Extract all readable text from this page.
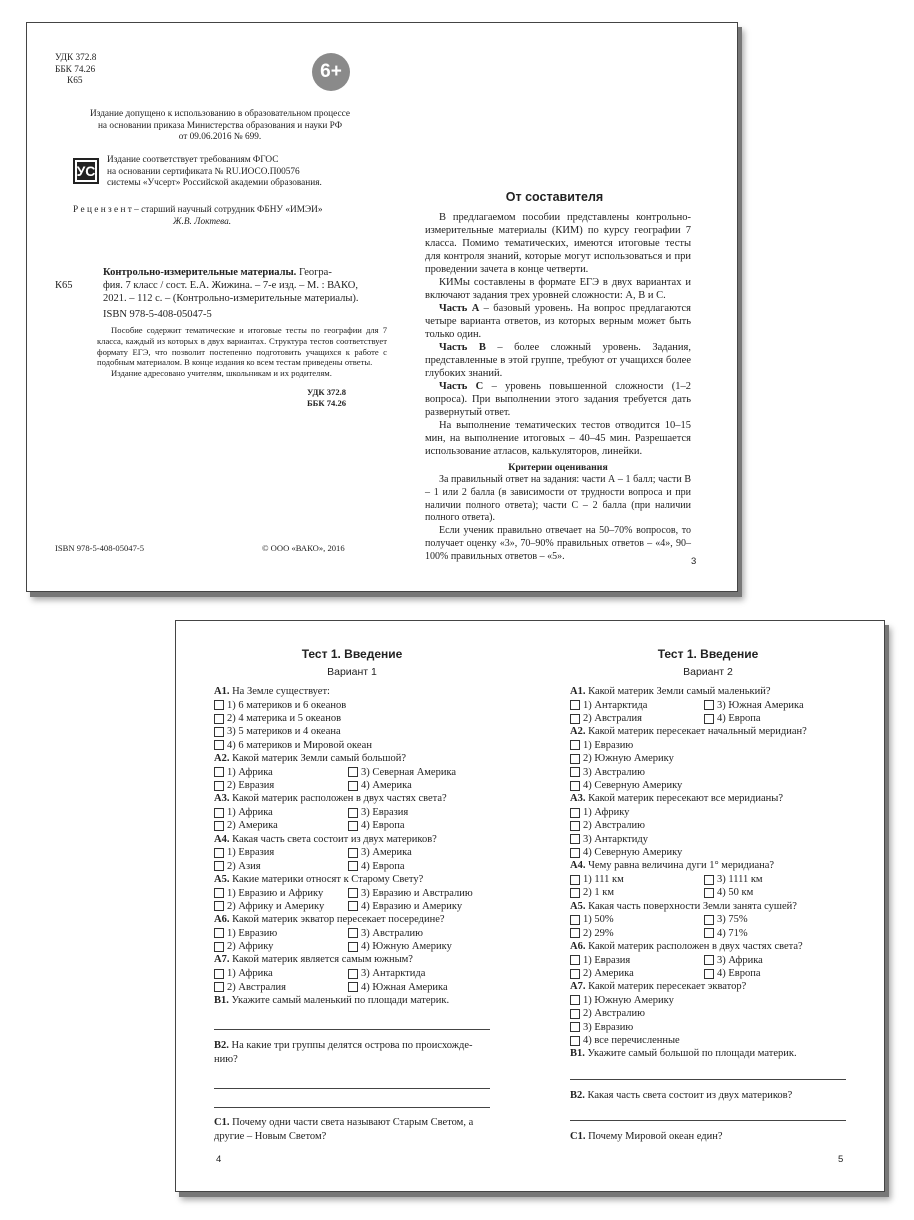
УДК 372.8
ББК 74.26
К65	6+
Издание допущено к использованию в образовательном процессе
на основании приказа Министерства образования и науки РФ
от 09.06.2016 № 699.
УС
Издание соответствует требованиям ФГОС
на основании сертификата № RU.ИОСО.П00576
системы «Учсерт» Российской академии образования.
Р е ц е н з е н т – старший научный сотрудник ФБНУ «ИМЭИ»
Ж.В. Локтева.
Контрольно-измерительные материалы. Геогра-
К65	фия. 7 класс / сост. Е.А. Жижина. – 7-е изд. – М. : ВАКО,
2021. – 112 с. – (Контрольно-измерительные материалы).
ISBN 978-5-408-05047-5

Пособие содержит тематические и итоговые тесты по географии для 7 класса, каждый из которых в двух вариантах. Структура тестов соответствует формату ЕГЭ, что позволит постепенно подготовить учащихся к работе с подобным материалом. В конце издания ко всем тестам приведены ответы.

Издание адресовано учителям, школьникам и их родителям.

УДК 372.8
ББК 74.26
ISBN 978-5-408-05047-5	© ООО «ВАКО», 2016
От составителя

В предлагаемом пособии представлены контрольно-измерительные материалы (КИМ) по курсу географии 7 класса. Помимо тематических, имеются итоговые тесты для контроля знаний, которые могут использоваться и при проведении зачета в конце четверти.

КИМы составлены в формате ЕГЭ в двух вариантах и включают задания трех уровней сложности: А, В и С.

Часть А – базовый уровень. На вопрос предлагаются четыре варианта ответов, из которых верным может быть только один.

Часть В – более сложный уровень. Задания, представленные в этой группе, требуют от учащихся более глубоких знаний.

Часть С – уровень повышенной сложности (1–2 вопроса). При выполнении этого задания требуется дать развернутый ответ.

На выполнение тематических тестов отводится 10–15 мин, на выполнение итоговых – 40–45 мин. Разрешается использование атласов, калькуляторов, линейки.

Критерии оценивания

За правильный ответ на задания: части А – 1 балл; части В – 1 или 2 балла (в зависимости от трудности вопроса и при наличии полного ответа); части С – 2 балла (при наличии полного ответа).

Если ученик правильно отвечает на 50–70% вопросов, то получает оценку «3», 70–90% правильных ответов – «4», 90–100% правильных ответов – «5».	3
Тест 1. Введение
Вариант 1
А1. На Земле существует:
1) 6 материков и 6 океанов
2) 4 материка и 5 океанов
3) 5 материков и 4 океана
4) 6 материков и Мировой океан
А2. Какой материк Земли самый большой?
1) Африка	3) Северная Америка
2) Евразия	4) Америка
А3. Какой материк расположен в двух частях света?
1) Африка	3) Евразия
2) Америка	4) Европа
А4. Какая часть света состоит из двух материков?
1) Евразия	3) Америка
2) Азия	4) Европа
А5. Какие материки относят к Старому Свету?
1) Евразию и Африку	3) Евразию и Австралию
2) Африку и Америку	4) Евразию и Америку
А6. Какой материк экватор пересекает посерединe?
1) Евразию	3) Австралию
2) Африку	4) Южную Америку
А7. Какой материк является самым южным?
1) Африка	3) Антарктида
2) Австралия	4) Южная Америка
В1. Укажите самый маленький по площади материк.
В2. На какие три группы делятся острова по происхожде-нию?
С1. Почему одни части света называют Старым Светом, а другие – Новым Светом?
4
Тест 1. Введение
Вариант 2
А1. Какой материк Земли самый маленький?
1) Антарктида	3) Южная Америка
2) Австралия	4) Европа
А2. Какой материк пересекает начальный меридиан?
1) Евразию
2) Южную Америку
3) Австралию
4) Северную Америку
А3. Какой материк пересекают все меридианы?
1) Африку
2) Австралию
3) Антарктиду
4) Северную Америку
А4. Чему равна величина дуги 1° меридиана?
1) 111 км	3) 1111 км
2) 1 км	4) 50 км
А5. Какая часть поверхности Земли занята сушей?
1) 50%	3) 75%
2) 29%	4) 71%
А6. Какой материк расположен в двух частях света?
1) Евразия	3) Африка
2) Америка	4) Европа
А7. Какой материк пересекает экватор?
1) Южную Америку
2) Австралию
3) Евразию
4) все перечисленные
В1. Укажите самый большой по площади материк.
В2. Какая часть света состоит из двух материков?
С1. Почему Мировой океан един?
5
